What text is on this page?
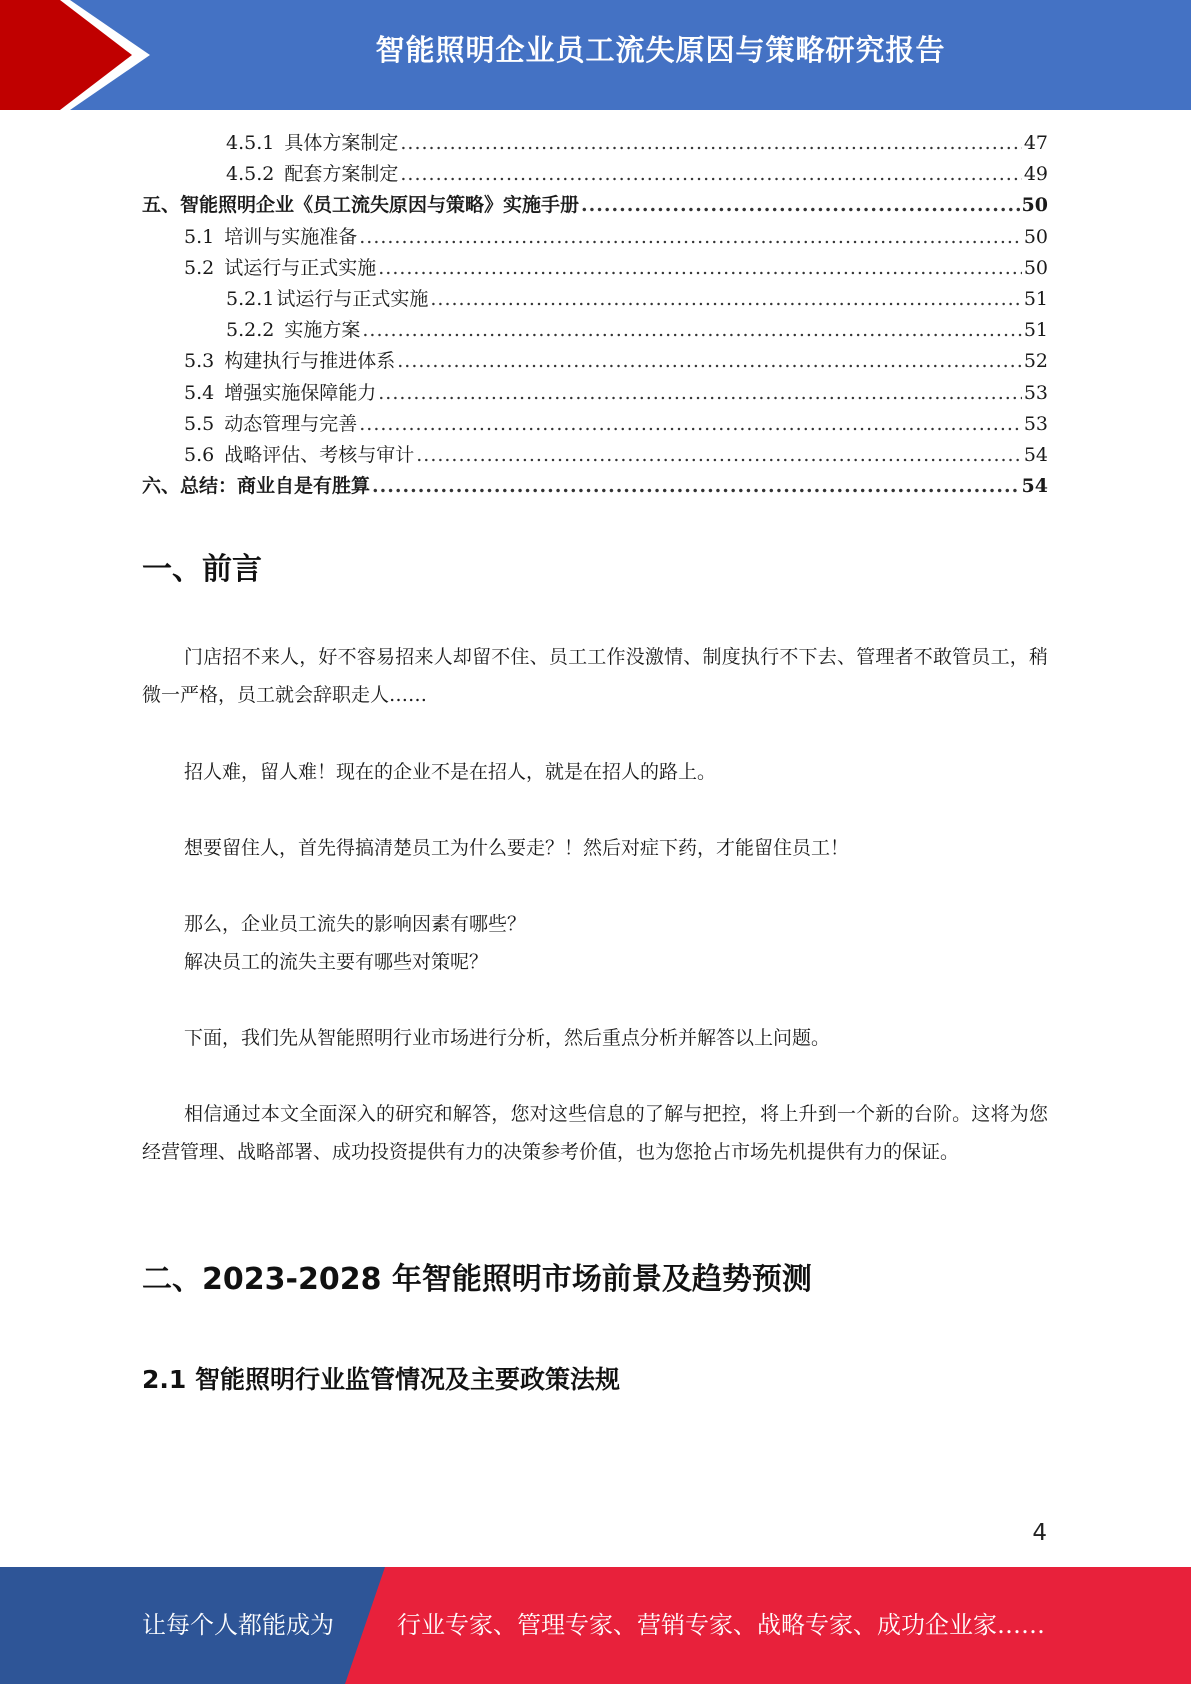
智能照明企业员工流失原因与策略研究报告
4.5.1 具体方案制定 .....	47
4.5.2 配套方案制定 .....	49
五、智能照明企业《员工流失原因与策略》实施手册 .....	50
5.1 培训与实施准备 .....	50
5.2 试运行与正式实施 .....	50
5.2.1 试运行与正式实施 .....	51
5.2.2 实施方案 .....	51
5.3 构建执行与推进体系 .....	52
5.4 增强实施保障能力 .....	53
5.5 动态管理与完善 .....	53
5.6 战略评估、考核与审计 .....	54
六、总结：商业自是有胜算 .....	54
一、前言

门店招不来人，好不容易招来人却留不住、员工工作没激情、制度执行不下去、管理者不敢管员工，稍微一严格，员工就会辞职走人……

招人难，留人难！现在的企业不是在招人，就是在招人的路上。

想要留住人，首先得搞清楚员工为什么要走？！然后对症下药，才能留住员工！

那么，企业员工流失的影响因素有哪些？

解决员工的流失主要有哪些对策呢？

下面，我们先从智能照明行业市场进行分析，然后重点分析并解答以上问题。

相信通过本文全面深入的研究和解答，您对这些信息的了解与把控，将上升到一个新的台阶。这将为您经营管理、战略部署、成功投资提供有力的决策参考价值，也为您抢占市场先机提供有力的保证。

二、2023-2028 年智能照明市场前景及趋势预测
2.1 智能照明行业监管情况及主要政策法规
4
让每个人都能成为	行业专家、管理专家、营销专家、战略专家、成功企业家……
